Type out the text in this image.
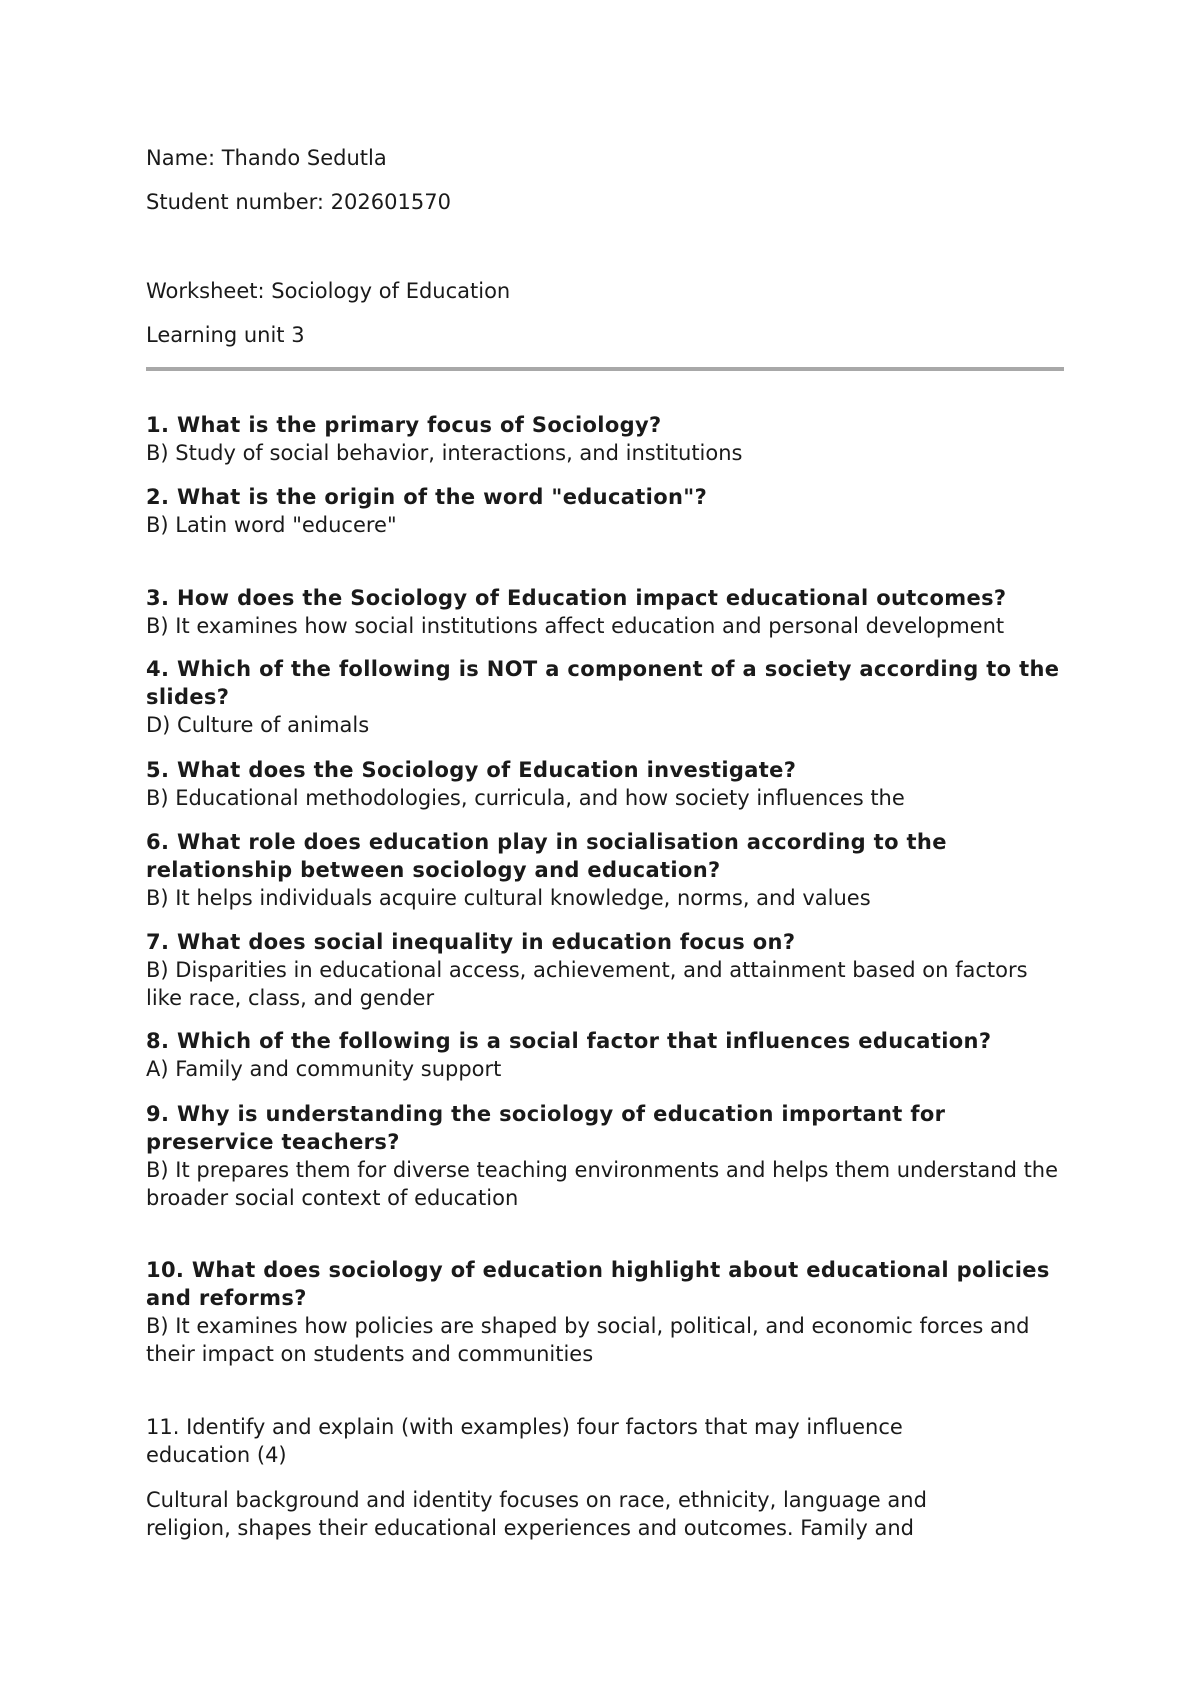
Name: Thando Sedutla

Student number: 202601570

Worksheet: Sociology of Education

Learning unit 3

1. What is the primary focus of Sociology?

B) Study of social behavior, interactions, and institutions

2. What is the origin of the word "education"?

B) Latin word "educere"

3. How does the Sociology of Education impact educational outcomes?

B) It examines how social institutions affect education and personal development

4. Which of the following is NOT a component of a society according to the slides?

D) Culture of animals

5. What does the Sociology of Education investigate?

B) Educational methodologies, curricula, and how society influences the

6. What role does education play in socialisation according to the relationship between sociology and education?

B) It helps individuals acquire cultural knowledge, norms, and values

7. What does social inequality in education focus on?

B) Disparities in educational access, achievement, and attainment based on factors like race, class, and gender

8. Which of the following is a social factor that influences education?

A) Family and community support

9. Why is understanding the sociology of education important for preservice teachers?

B) It prepares them for diverse teaching environments and helps them understand the broader social context of education

10. What does sociology of education highlight about educational policies and reforms?

B) It examines how policies are shaped by social, political, and economic forces and their impact on students and communities

11. Identify and explain (with examples) four factors that may influence education (4)

Cultural background and identity focuses on race, ethnicity, language and religion, shapes their educational experiences and outcomes. Family and
